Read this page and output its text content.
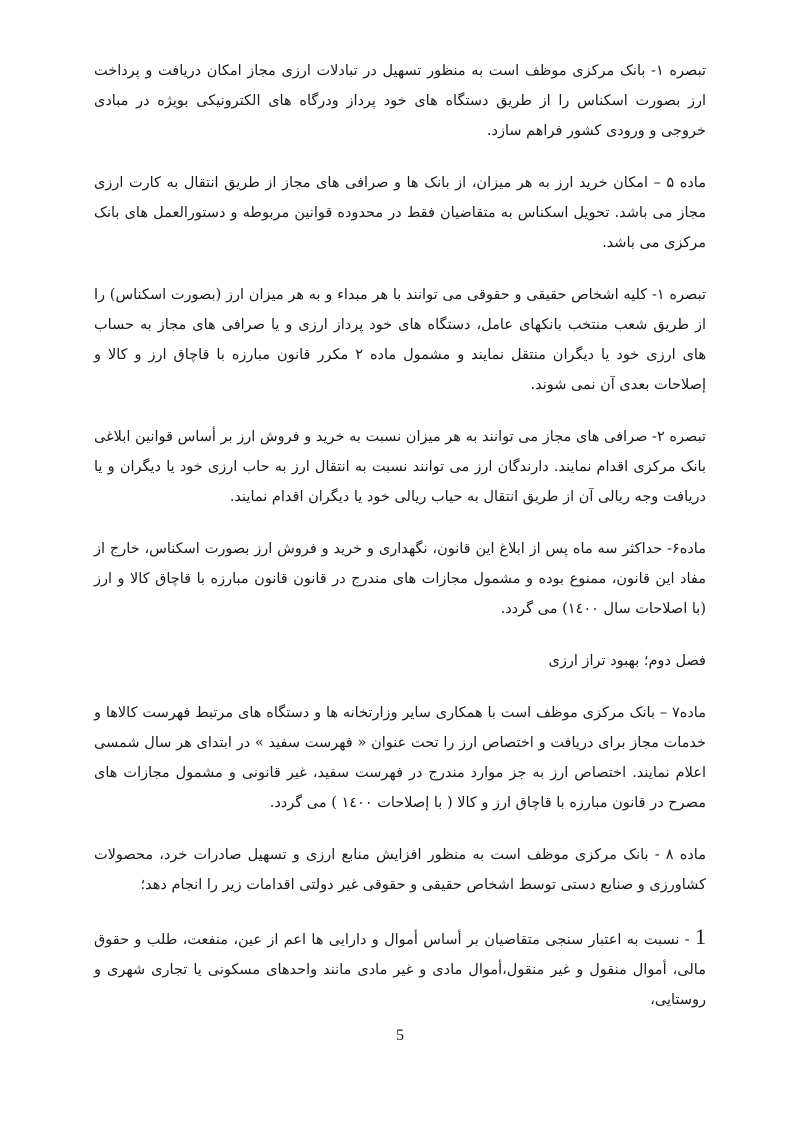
تبصره ۱- بانک مرکزی موظف است به منظور تسهیل در تبادلات ارزی مجاز امکان دریافت و پرداخت ارز بصورت اسکناس را از طریق دستگاه های خود پرداز ودرگاه های الکترونیکی بویژه در مبادی خروجی و ورودی کشور فراهم سازد.

ماده ۵ – امکان خرید ارز به هر میزان، از بانک ها و صرافی های مجاز از طریق انتقال به کارت ارزی مجاز می باشد. تحویل اسکناس به متقاضیان فقط در محدوده قوانین مربوطه و دستورالعمل های بانک مرکزی می باشد.

تبصره ۱- کلیه اشخاص حقیقی و حقوقی می توانند با هر مبداء و به هر میزان ارز (بصورت اسکناس) را از طریق شعب منتخب بانکهای عامل، دستگاه های خود پرداز ارزی و یا صرافی های مجاز به حساب های ارزی خود یا دیگران منتقل نمایند و مشمول ماده ۲ مکرر قانون مبارزه با قاچاق ارز و کالا و إصلاحات بعدی آن نمی شوند.

تبصره ۲- صرافی های مجاز می توانند به هر میزان نسبت به خرید و فروش ارز بر أساس قوانین ابلاغی بانک مرکزی اقدام نمایند. دارندگان ارز می توانند نسبت به انتقال ارز به حاب ارزی خود یا دیگران و یا دریافت وجه ریالی آن از طریق انتقال به حیاب ریالی خود یا دیگران اقدام نمایند.

ماده۶- حداکثر سه ماه پس از ابلاغ این قانون، نگهداری و خرید و فروش ارز بصورت اسکناس، خارج از مفاد این قانون، ممنوع بوده و مشمول مجازات های مندرج در قانون قانون مبارزه با قاچاق کالا و ارز (با اصلاحات سال ۱٤۰۰) می گردد.

فصل دوم؛ بهبود تراز ارزی

ماده۷ – بانک مرکزی موظف است با همکاری سایر وزارتخانه ها و دستگاه های مرتبط فهرست کالاها و خدمات مجاز برای دریافت و اختصاص ارز را تحت عنوان « فهرست سفید » در ابتدای هر سال شمسی اعلام نمایند. اختصاص ارز به جز موارد مندرج در فهرست سفید، غیر قانونی و مشمول مجازات های مصرح در قانون مبارزه با قاچاق ارز و کالا ( با إصلاحات ۱٤۰۰ ) می گردد.

ماده ۸ - بانک مرکزی موظف است به منظور افزایش منابع ارزی و تسهیل صادرات خرد، محصولات کشاورزی و صنایع دستی توسط اشخاص حقیقی و حقوقی غیر دولتی اقدامات زیر را انجام دهد؛

1 - نسبت به اعتبار سنجی متقاضیان بر أساس أموال و دارایی ها اعم از عین، منفعت، طلب و حقوق مالی، أموال منقول و غیر منقول،أموال مادی و غیر مادی مانند واحدهای مسکونی یا تجاری شهری و روستایی،

5
